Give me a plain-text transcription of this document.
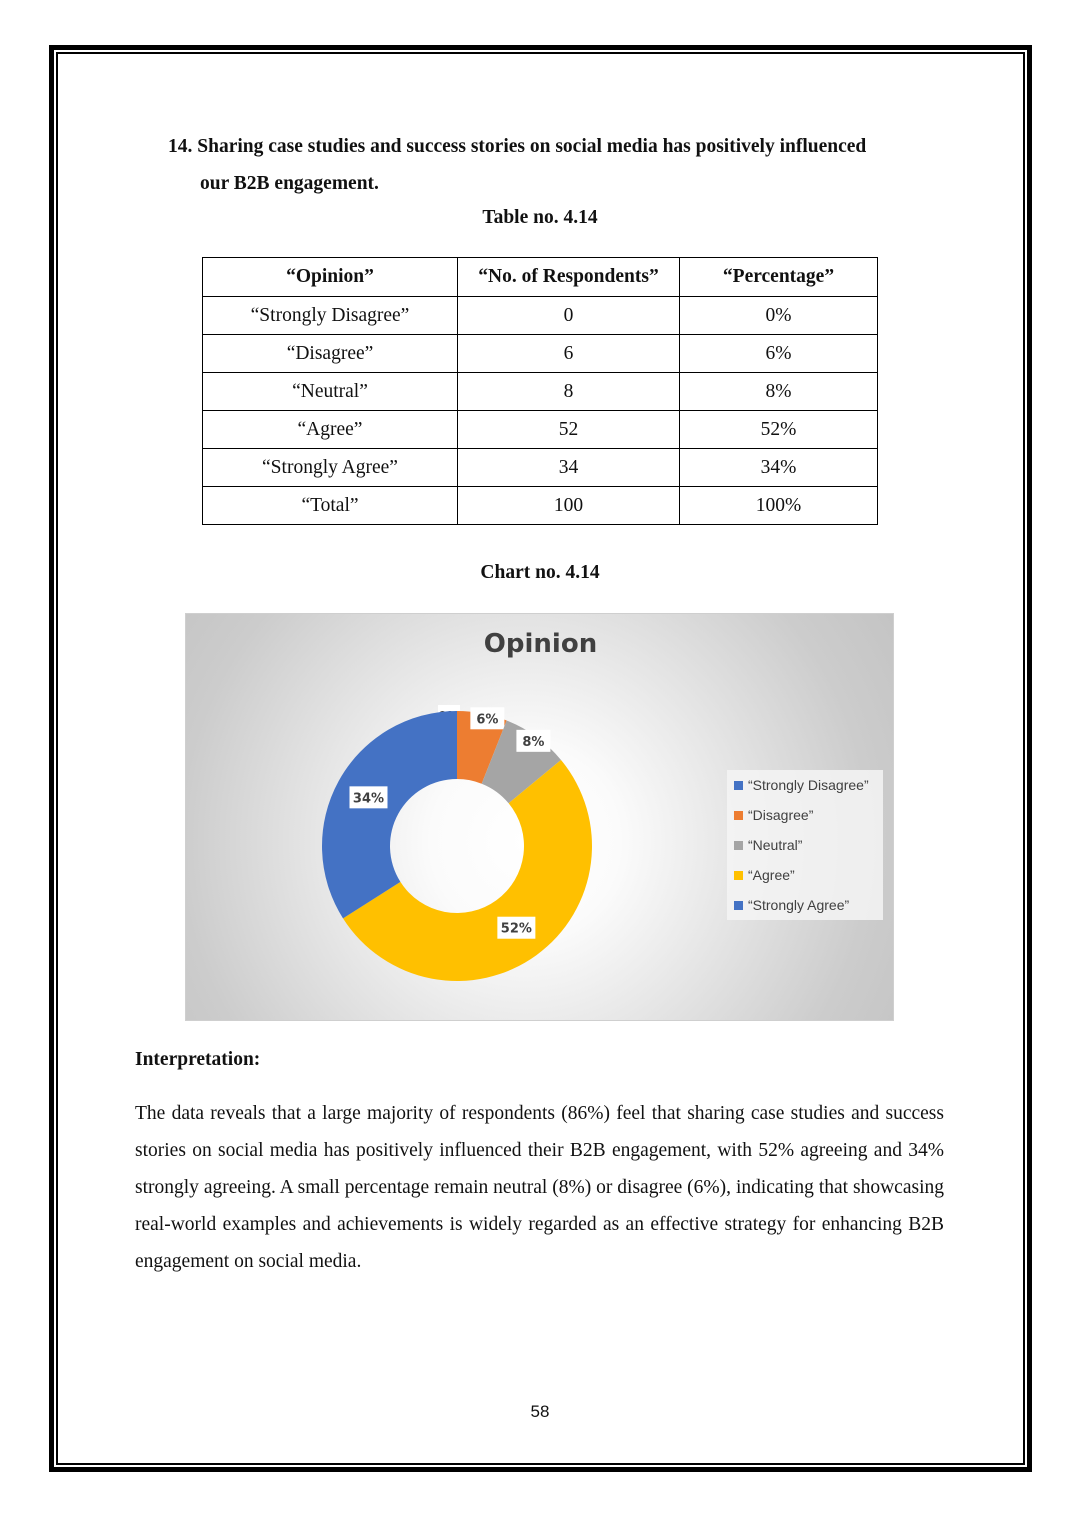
14. Sharing case studies and success stories on social media has positively influenced
our B2B engagement.
Table no. 4.14
“Opinion”	“No. of Respondents”	“Percentage”
“Strongly Disagree”	0	0%
“Disagree”	6	6%
“Neutral”	8	8%
“Agree”	52	52%
“Strongly Agree”	34	34%
“Total”	100	100%
Chart no. 4.14
Opinion
6%
8%
52%
34%
“Strongly Disagree”
“Disagree”
“Neutral”
“Agree”
“Strongly Agree”
Interpretation:
The data reveals that a large majority of respondents (86%) feel that sharing case studies and success stories on social media has positively influenced their B2B engagement, with 52% agreeing and 34% strongly agreeing. A small percentage remain neutral (8%) or disagree (6%), indicating that showcasing real-world examples and achievements is widely regarded as an effective strategy for enhancing B2B engagement on social media.
58
